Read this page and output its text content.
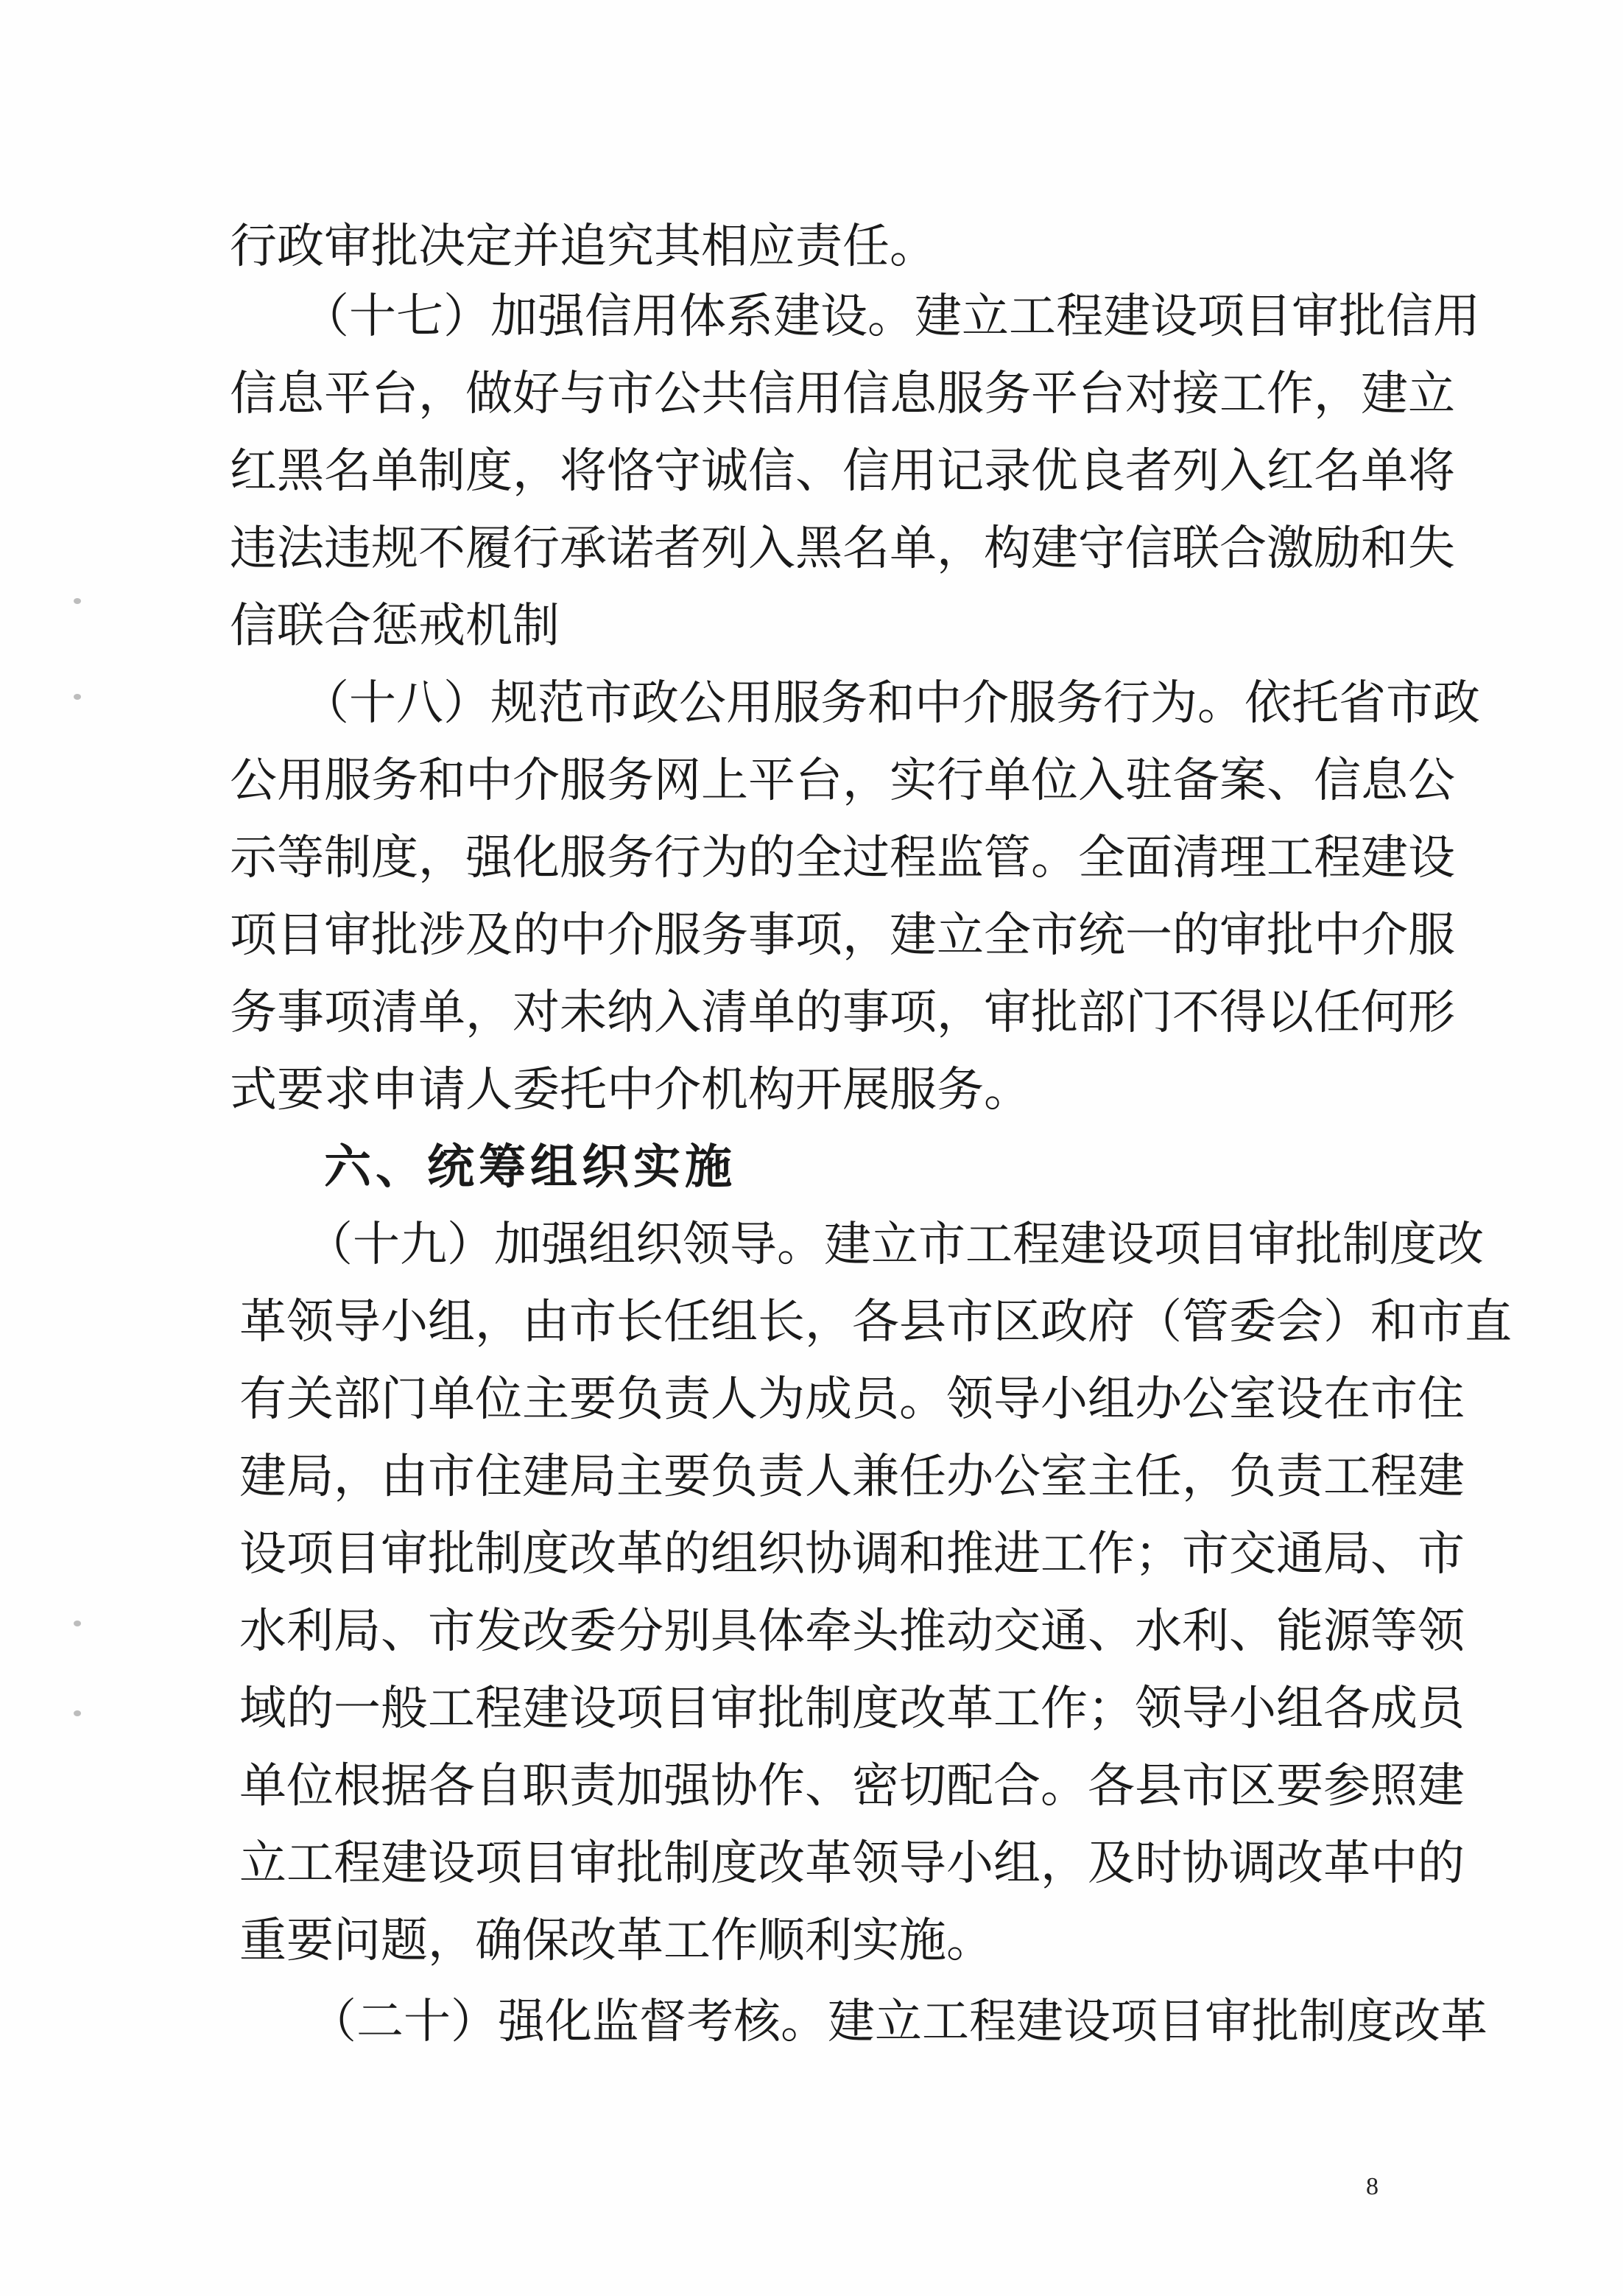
行政审批决定并追究其相应责任。
（十七）加强信用体系建设。建立工程建设项目审批信用
信息平台，做好与市公共信用信息服务平台对接工作，建立
红黑名单制度，将恪守诚信、信用记录优良者列入红名单将
违法违规不履行承诺者列入黑名单，构建守信联合激励和失
信联合惩戒机制
（十八）规范市政公用服务和中介服务行为。依托省市政
公用服务和中介服务网上平台，实行单位入驻备案、信息公
示等制度，强化服务行为的全过程监管。全面清理工程建设
项目审批涉及的中介服务事项，建立全市统一的审批中介服
务事项清单，对未纳入清单的事项，审批部门不得以任何形
式要求申请人委托中介机构开展服务。
六、统筹组织实施
（十九）加强组织领导。建立市工程建设项目审批制度改
革领导小组，由市长任组长，各县市区政府（管委会）和市直
有关部门单位主要负责人为成员。领导小组办公室设在市住
建局，由市住建局主要负责人兼任办公室主任，负责工程建
设项目审批制度改革的组织协调和推进工作；市交通局、市
水利局、市发改委分别具体牵头推动交通、水利、能源等领
域的一般工程建设项目审批制度改革工作；领导小组各成员
单位根据各自职责加强协作、密切配合。各县市区要参照建
立工程建设项目审批制度改革领导小组，及时协调改革中的
重要问题，确保改革工作顺利实施。
（二十）强化监督考核。建立工程建设项目审批制度改革
8
